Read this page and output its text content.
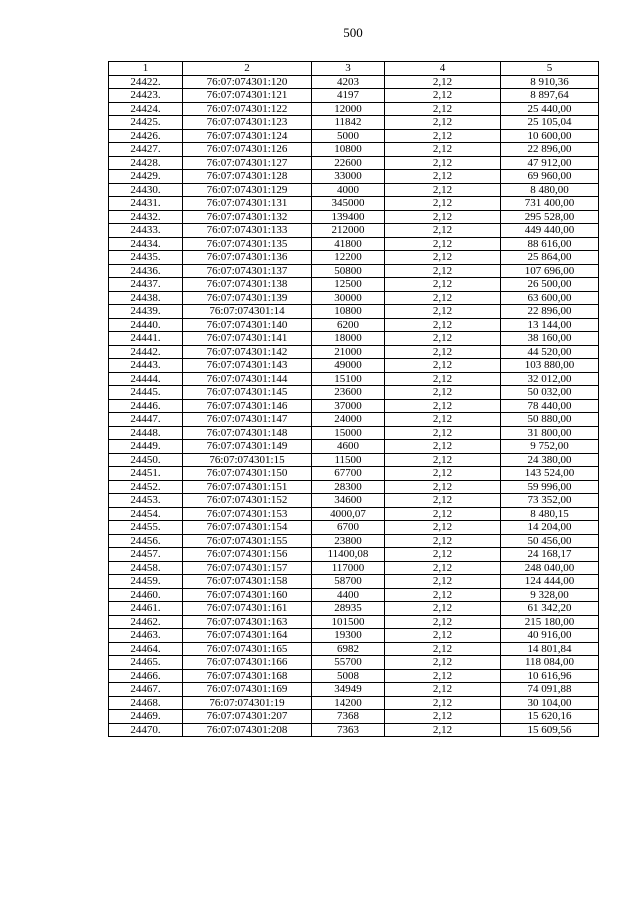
500
1	2	3	4	5
24422.	76:07:074301:120	4203	2,12	8 910,36
24423.	76:07:074301:121	4197	2,12	8 897,64
24424.	76:07:074301:122	12000	2,12	25 440,00
24425.	76:07:074301:123	11842	2,12	25 105,04
24426.	76:07:074301:124	5000	2,12	10 600,00
24427.	76:07:074301:126	10800	2,12	22 896,00
24428.	76:07:074301:127	22600	2,12	47 912,00
24429.	76:07:074301:128	33000	2,12	69 960,00
24430.	76:07:074301:129	4000	2,12	8 480,00
24431.	76:07:074301:131	345000	2,12	731 400,00
24432.	76:07:074301:132	139400	2,12	295 528,00
24433.	76:07:074301:133	212000	2,12	449 440,00
24434.	76:07:074301:135	41800	2,12	88 616,00
24435.	76:07:074301:136	12200	2,12	25 864,00
24436.	76:07:074301:137	50800	2,12	107 696,00
24437.	76:07:074301:138	12500	2,12	26 500,00
24438.	76:07:074301:139	30000	2,12	63 600,00
24439.	76:07:074301:14	10800	2,12	22 896,00
24440.	76:07:074301:140	6200	2,12	13 144,00
24441.	76:07:074301:141	18000	2,12	38 160,00
24442.	76:07:074301:142	21000	2,12	44 520,00
24443.	76:07:074301:143	49000	2,12	103 880,00
24444.	76:07:074301:144	15100	2,12	32 012,00
24445.	76:07:074301:145	23600	2,12	50 032,00
24446.	76:07:074301:146	37000	2,12	78 440,00
24447.	76:07:074301:147	24000	2,12	50 880,00
24448.	76:07:074301:148	15000	2,12	31 800,00
24449.	76:07:074301:149	4600	2,12	9 752,00
24450.	76:07:074301:15	11500	2,12	24 380,00
24451.	76:07:074301:150	67700	2,12	143 524,00
24452.	76:07:074301:151	28300	2,12	59 996,00
24453.	76:07:074301:152	34600	2,12	73 352,00
24454.	76:07:074301:153	4000,07	2,12	8 480,15
24455.	76:07:074301:154	6700	2,12	14 204,00
24456.	76:07:074301:155	23800	2,12	50 456,00
24457.	76:07:074301:156	11400,08	2,12	24 168,17
24458.	76:07:074301:157	117000	2,12	248 040,00
24459.	76:07:074301:158	58700	2,12	124 444,00
24460.	76:07:074301:160	4400	2,12	9 328,00
24461.	76:07:074301:161	28935	2,12	61 342,20
24462.	76:07:074301:163	101500	2,12	215 180,00
24463.	76:07:074301:164	19300	2,12	40 916,00
24464.	76:07:074301:165	6982	2,12	14 801,84
24465.	76:07:074301:166	55700	2,12	118 084,00
24466.	76:07:074301:168	5008	2,12	10 616,96
24467.	76:07:074301:169	34949	2,12	74 091,88
24468.	76:07:074301:19	14200	2,12	30 104,00
24469.	76:07:074301:207	7368	2,12	15 620,16
24470.	76:07:074301:208	7363	2,12	15 609,56
